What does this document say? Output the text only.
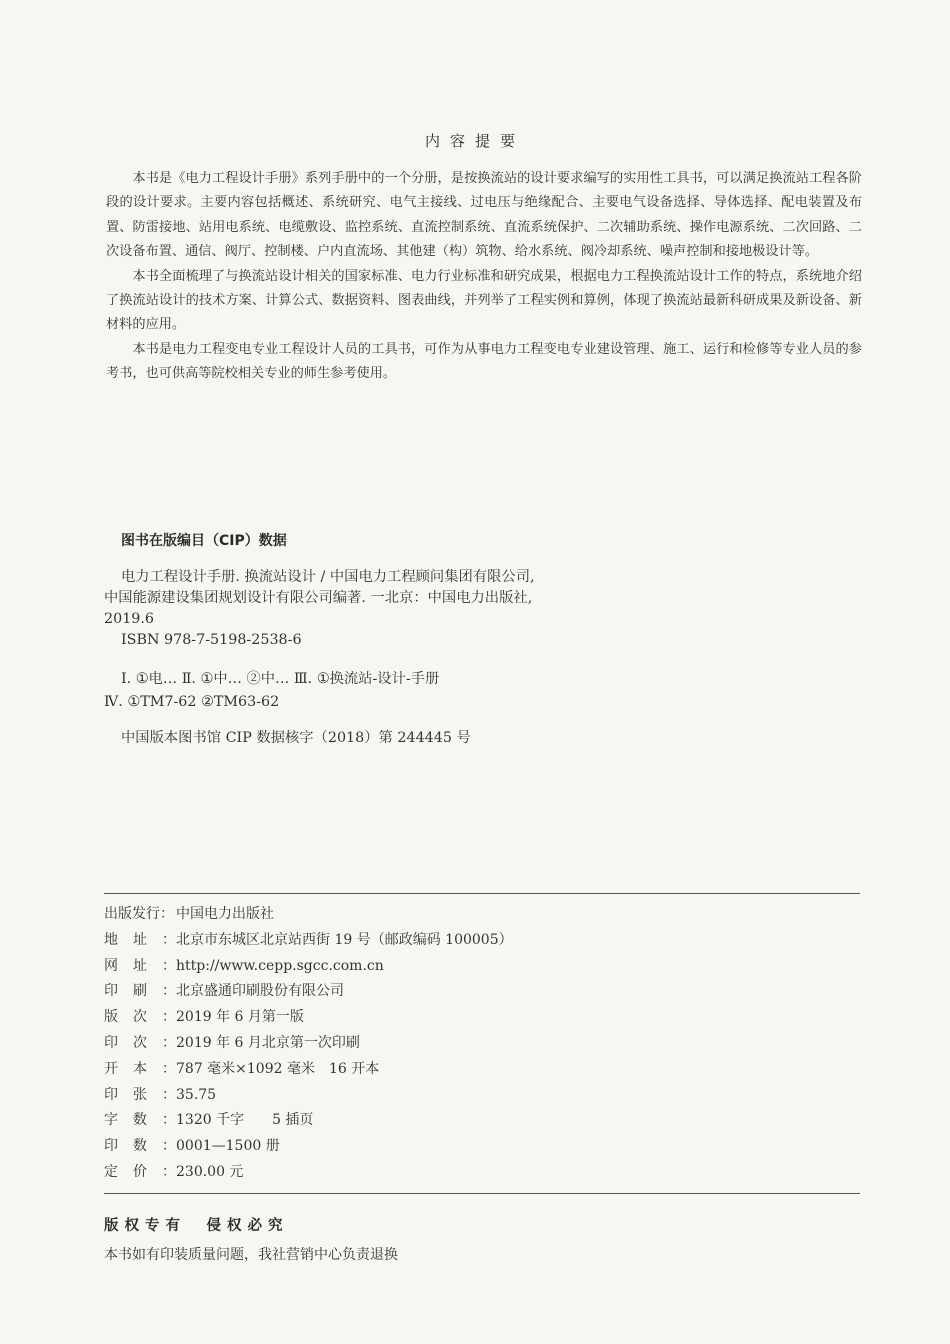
内容提要

本书是《电力工程设计手册》系列手册中的一个分册，是按换流站的设计要求编写的实用性工具书，可以满足换流站工程各阶段的设计要求。主要内容包括概述、系统研究、电气主接线、过电压与绝缘配合、主要电气设备选择、导体选择、配电装置及布置、防雷接地、站用电系统、电缆敷设、监控系统、直流控制系统、直流系统保护、二次辅助系统、操作电源系统、二次回路、二次设备布置、通信、阀厅、控制楼、户内直流场、其他建（构）筑物、给水系统、阀冷却系统、噪声控制和接地极设计等。

本书全面梳理了与换流站设计相关的国家标准、电力行业标准和研究成果，根据电力工程换流站设计工作的特点，系统地介绍了换流站设计的技术方案、计算公式、数据资料、图表曲线，并列举了工程实例和算例，体现了换流站最新科研成果及新设备、新材料的应用。

本书是电力工程变电专业工程设计人员的工具书，可作为从事电力工程变电专业建设管理、施工、运行和检修等专业人员的参考书，也可供高等院校相关专业的师生参考使用。

图书在版编目（CIP）数据
电力工程设计手册. 换流站设计 / 中国电力工程顾问集团有限公司,
中国能源建设集团规划设计有限公司编著. 一北京：中国电力出版社,
2019.6
ISBN 978-7-5198-2538-6
Ⅰ. ①电… Ⅱ. ①中… ②中… Ⅲ. ①换流站-设计-手册
Ⅳ. ①TM7-62 ②TM63-62
中国版本图书馆 CIP 数据核字（2018）第 244445 号
出版发行： 中国电力出版社
地址： 北京市东城区北京站西街 19 号（邮政编码 100005）
网址： http://www.cepp.sgcc.com.cn
印刷： 北京盛通印刷股份有限公司
版次： 2019 年 6 月第一版
印次： 2019 年 6 月北京第一次印刷
开本： 787 毫米×1092 毫米　16 开本
印张： 35.75
字数： 1320 千字　　5 插页
印数： 0001—1500 册
定价： 230.00 元
版权专有　侵权必究
本书如有印装质量问题，我社营销中心负责退换
